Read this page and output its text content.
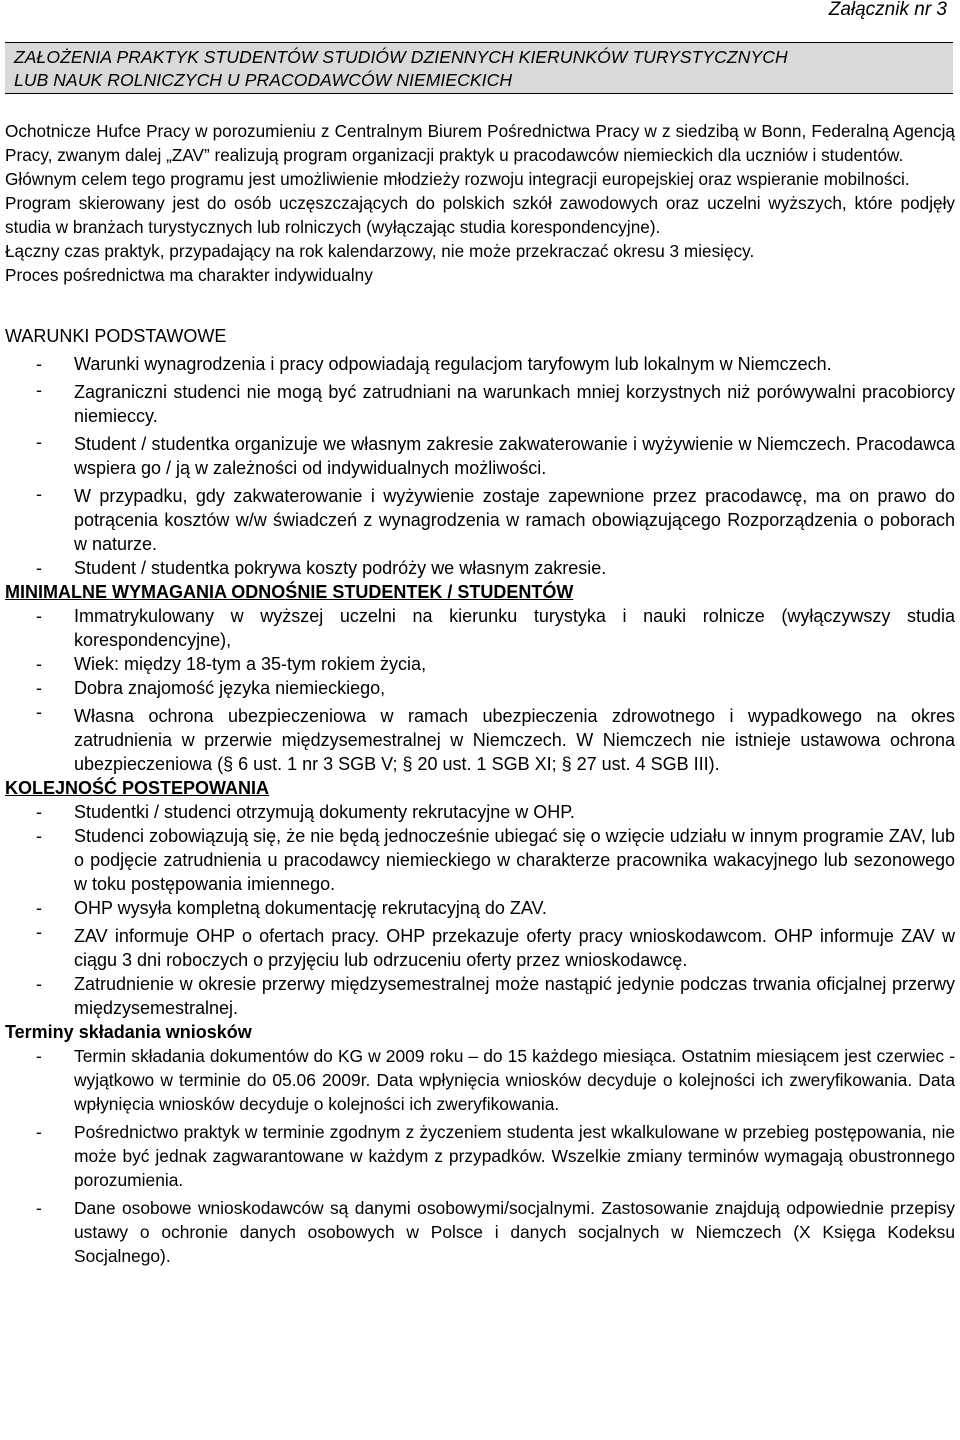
Załącznik nr 3
ZAŁOŻENIA PRAKTYK STUDENTÓW STUDIÓW DZIENNYCH KIERUNKÓW TURYSTYCZNYCH
LUB NAUK ROLNICZYCH U PRACODAWCÓW NIEMIECKICH

Ochotnicze Hufce Pracy w porozumieniu z Centralnym Biurem Pośrednictwa Pracy w z siedzibą w Bonn, Federalną Agencją Pracy, zwanym dalej „ZAV” realizują program organizacji praktyk u pracodawców niemieckich dla uczniów i studentów.

Głównym celem tego programu jest umożliwienie młodzieży rozwoju integracji europejskiej oraz wspieranie mobilności.

Program skierowany jest do osób uczęszczających do polskich szkół zawodowych oraz uczelni wyższych, które podjęły studia w branżach turystycznych lub rolniczych (wyłączając studia korespondencyjne).

Łączny czas praktyk, przypadający na rok kalendarzowy, nie może przekraczać okresu 3 miesięcy.

Proces pośrednictwa ma charakter indywidualny

WARUNKI PODSTAWOWE

- Warunki wynagrodzenia i pracy odpowiadają regulacjom taryfowym lub lokalnym w Niemczech.
- Zagraniczni studenci nie mogą być zatrudniani na warunkach mniej korzystnych niż porówywalni pracobiorcy niemieccy.
- Student / studentka organizuje we własnym zakresie zakwaterowanie i wyżywienie w Niemczech. Pracodawca wspiera go / ją w zależności od indywidualnych możliwości.
- W przypadku, gdy zakwaterowanie i wyżywienie zostaje zapewnione przez pracodawcę, ma on prawo do potrącenia kosztów w/w świadczeń z wynagrodzenia w ramach obowiązującego Rozporządzenia o poborach w naturze.
- Student / studentka pokrywa koszty podróży we własnym zakresie.

MINIMALNE WYMAGANIA ODNOŚNIE STUDENTEK / STUDENTÓW

- Immatrykulowany w wyższej uczelni na kierunku turystyka i nauki rolnicze (wyłączywszy studia korespondencyjne),
- Wiek: między 18-tym a 35-tym rokiem życia,
- Dobra znajomość języka niemieckiego,
- Własna ochrona ubezpieczeniowa w ramach ubezpieczenia zdrowotnego i wypadkowego na okres zatrudnienia w przerwie międzysemestralnej w Niemczech. W Niemczech nie istnieje ustawowa ochrona ubezpieczeniowa (§ 6 ust. 1 nr 3 SGB V; § 20 ust. 1 SGB XI; § 27 ust. 4 SGB III).

KOLEJNOŚĆ POSTEPOWANIA

- Studentki / studenci otrzymują dokumenty rekrutacyjne w OHP.
- Studenci zobowiązują się, że nie będą jednocześnie ubiegać się o wzięcie udziału w innym programie ZAV, lub o podjęcie zatrudnienia u pracodawcy niemieckiego w charakterze pracownika wakacyjnego lub sezonowego w toku postępowania imiennego.
- OHP wysyła kompletną dokumentację rekrutacyjną do ZAV.
- ZAV informuje OHP o ofertach pracy. OHP przekazuje oferty pracy wnioskodawcom. OHP informuje ZAV w ciągu 3 dni roboczych o przyjęciu lub odrzuceniu oferty przez wnioskodawcę.
- Zatrudnienie w okresie przerwy międzysemestralnej może nastąpić jedynie podczas trwania oficjalnej przerwy międzysemestralnej.

Terminy składania wniosków

- Termin składania dokumentów do KG w 2009 roku – do 15 każdego miesiąca. Ostatnim miesiącem jest czerwiec - wyjątkowo w terminie do 05.06 2009r. Data wpłynięcia wniosków decyduje o kolejności ich zweryfikowania. Data wpłynięcia wniosków decyduje o kolejności ich zweryfikowania.
- Pośrednictwo praktyk w terminie zgodnym z życzeniem studenta jest wkalkulowane w przebieg postępowania, nie może być jednak zagwarantowane w każdym z przypadków. Wszelkie zmiany terminów wymagają obustronnego porozumienia.
- Dane osobowe wnioskodawców są danymi osobowymi/socjalnymi. Zastosowanie znajdują odpowiednie przepisy ustawy o ochronie danych osobowych w Polsce i danych socjalnych w Niemczech (X Księga Kodeksu Socjalnego).
